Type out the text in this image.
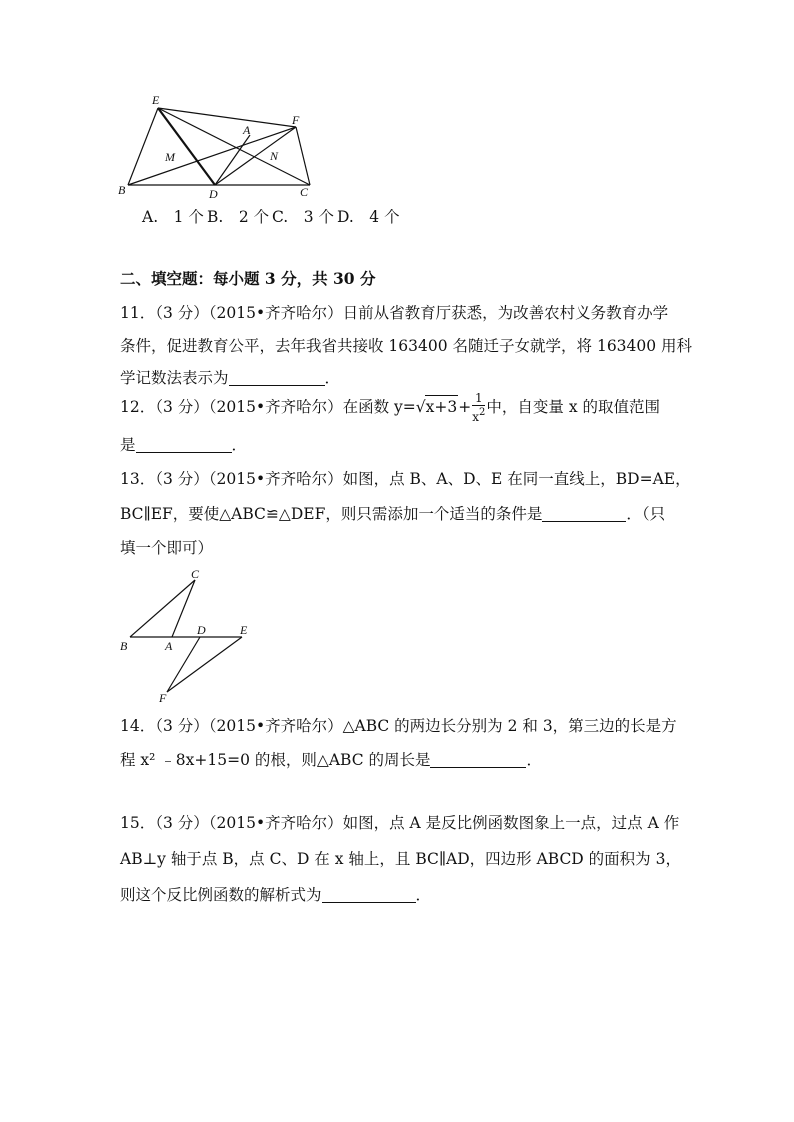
E
A
F
M	N
B	D	C
A.　1 个 B.　2 个 C.　3 个 D.　4 个
二、填空题：每小题 3 分，共 30 分
11．（3 分）（2015•齐齐哈尔）日前从省教育厅获悉，为改善农村义务教育办学
条件，促进教育公平，去年我省共接收 163400 名随迁子女就学，将 163400 用科
学记数法表示为	．
12．（3 分）（2015•齐齐哈尔）在函数 $y=√x+3+ \frac{1}{x^2}$ 中，自变量 x 的取值范围
是	．
13．（3 分）（2015•齐齐哈尔）如图，点 B、A、D、E 在同一直线上，BD=AE，
BC∥EF，要使△ABC≌△DEF，则只需添加一个适当的条件是	．（只
填一个即可）
C
B	A
D	E
F
14．（3 分）（2015•齐齐哈尔）△ABC 的两边长分别为 2 和 3，第三边的长是方
程 x² ﹣8x+15=0 的根，则△ABC 的周长是	．
15．（3 分）（2015•齐齐哈尔）如图，点 A 是反比例函数图象上一点，过点 A 作
AB⊥y 轴于点 B，点 C、D 在 x 轴上，且 BC∥AD，四边形 ABCD 的面积为 3，
则这个反比例函数的解析式为	．
